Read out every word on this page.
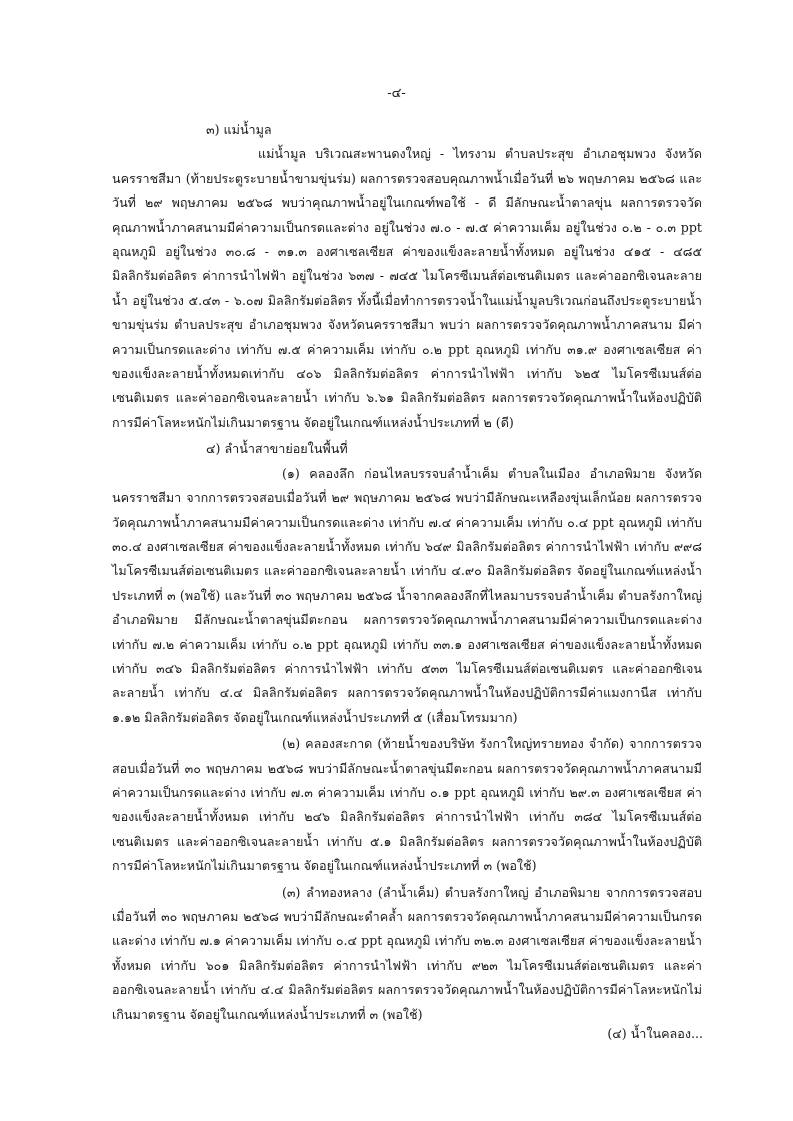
-๔-

๓) แม่น้ำมูล

แม่น้ำมูล บริเวณสะพานดงใหญ่ - ไทรงาม ตำบลประสุข อำเภอชุมพวง จังหวัดนครราชสีมา (ท้ายประตูระบายน้ำขามขุ่นร่ม) ผลการตรวจสอบคุณภาพน้ำเมื่อวันที่ ๒๖ พฤษภาคม ๒๕๖๘ และวันที่ ๒๙ พฤษภาคม ๒๕๖๘ พบว่าคุณภาพน้ำอยู่ในเกณฑ์พอใช้ - ดี มีลักษณะน้ำตาลขุ่น ผลการตรวจวัดคุณภาพน้ำภาคสนามมีค่าความเป็นกรดและด่าง อยู่ในช่วง ๗.๐ - ๗.๕ ค่าความเค็ม อยู่ในช่วง ๐.๒ - ๐.๓ ppt อุณหภูมิ อยู่ในช่วง ๓๐.๘ - ๓๑.๓ องศาเซลเซียส ค่าของแข็งละลายน้ำทั้งหมด อยู่ในช่วง ๔๑๕ - ๔๘๕ มิลลิกรัมต่อลิตร ค่าการนำไฟฟ้า อยู่ในช่วง ๖๓๗ - ๗๔๕ ไมโครซีเมนส์ต่อเซนติเมตร และค่าออกซิเจนละลายน้ำ อยู่ในช่วง ๕.๔๓ - ๖.๐๗ มิลลิกรัมต่อลิตร ทั้งนี้เมื่อทำการตรวจน้ำในแม่น้ำมูลบริเวณก่อนถึงประตูระบายน้ำขามขุ่นร่ม ตำบลประสุข อำเภอชุมพวง จังหวัดนครราชสีมา พบว่า ผลการตรวจวัดคุณภาพน้ำภาคสนาม มีค่าความเป็นกรดและด่าง เท่ากับ ๗.๕ ค่าความเค็ม เท่ากับ ๐.๒ ppt อุณหภูมิ เท่ากับ ๓๑.๙ องศาเซลเซียส ค่าของแข็งละลายน้ำทั้งหมดเท่ากับ ๔๐๖ มิลลิกรัมต่อลิตร ค่าการนำไฟฟ้า เท่ากับ ๖๒๕ ไมโครซีเมนส์ต่อเซนติเมตร และค่าออกซิเจนละลายน้ำ เท่ากับ ๖.๖๑ มิลลิกรัมต่อลิตร ผลการตรวจวัดคุณภาพน้ำในห้องปฏิบัติการมีค่าโลหะหนักไม่เกินมาตรฐาน จัดอยู่ในเกณฑ์แหล่งน้ำประเภทที่ ๒ (ดี)

๔) ลำน้ำสาขาย่อยในพื้นที่

(๑) คลองลึก ก่อนไหลบรรจบลำน้ำเค็ม ตำบลในเมือง อำเภอพิมาย จังหวัดนครราชสีมา จากการตรวจสอบเมื่อวันที่ ๒๙ พฤษภาคม ๒๕๖๘ พบว่ามีลักษณะเหลืองขุ่นเล็กน้อย ผลการตรวจวัดคุณภาพน้ำภาคสนามมีค่าความเป็นกรดและด่าง เท่ากับ ๗.๔ ค่าความเค็ม เท่ากับ ๐.๔ ppt อุณหภูมิ เท่ากับ ๓๐.๔ องศาเซลเซียส ค่าของแข็งละลายน้ำทั้งหมด เท่ากับ ๖๔๙ มิลลิกรัมต่อลิตร ค่าการนำไฟฟ้า เท่ากับ ๙๙๘ ไมโครซีเมนส์ต่อเซนติเมตร และค่าออกซิเจนละลายน้ำ เท่ากับ ๔.๙๐ มิลลิกรัมต่อลิตร จัดอยู่ในเกณฑ์แหล่งน้ำประเภทที่ ๓ (พอใช้) และวันที่ ๓๐ พฤษภาคม ๒๕๖๘ น้ำจากคลองลึกที่ไหลมาบรรจบลำน้ำเค็ม ตำบลรังกาใหญ่ อำเภอพิมาย มีลักษณะน้ำตาลขุ่นมีตะกอน ผลการตรวจวัดคุณภาพน้ำภาคสนามมีค่าความเป็นกรดและด่าง เท่ากับ ๗.๒ ค่าความเค็ม เท่ากับ ๐.๒ ppt อุณหภูมิ เท่ากับ ๓๓.๑ องศาเซลเซียส ค่าของแข็งละลายน้ำทั้งหมด เท่ากับ ๓๔๖ มิลลิกรัมต่อลิตร ค่าการนำไฟฟ้า เท่ากับ ๕๓๓ ไมโครซีเมนส์ต่อเซนติเมตร และค่าออกซิเจนละลายน้ำ เท่ากับ ๔.๔ มิลลิกรัมต่อลิตร ผลการตรวจวัดคุณภาพน้ำในห้องปฏิบัติการมีค่าแมงกานีส เท่ากับ ๑.๑๒ มิลลิกรัมต่อลิตร จัดอยู่ในเกณฑ์แหล่งน้ำประเภทที่ ๕ (เสื่อมโทรมมาก)

(๒) คลองสะกาด (ท้ายน้ำของบริษัท รังกาใหญ่ทรายทอง จำกัด) จากการตรวจสอบเมื่อวันที่ ๓๐ พฤษภาคม ๒๕๖๘ พบว่ามีลักษณะน้ำตาลขุ่นมีตะกอน ผลการตรวจวัดคุณภาพน้ำภาคสนามมีค่าความเป็นกรดและด่าง เท่ากับ ๗.๓ ค่าความเค็ม เท่ากับ ๐.๑ ppt อุณหภูมิ เท่ากับ ๒๙.๓ องศาเซลเซียส ค่าของแข็งละลายน้ำทั้งหมด เท่ากับ ๒๔๖ มิลลิกรัมต่อลิตร ค่าการนำไฟฟ้า เท่ากับ ๓๘๔ ไมโครซีเมนส์ต่อเซนติเมตร และค่าออกซิเจนละลายน้ำ เท่ากับ ๕.๑ มิลลิกรัมต่อลิตร ผลการตรวจวัดคุณภาพน้ำในห้องปฏิบัติการมีค่าโลหะหนักไม่เกินมาตรฐาน จัดอยู่ในเกณฑ์แหล่งน้ำประเภทที่ ๓ (พอใช้)

(๓) ลำทองหลาง (ลำน้ำเค็ม) ตำบลรังกาใหญ่ อำเภอพิมาย จากการตรวจสอบเมื่อวันที่ ๓๐ พฤษภาคม ๒๕๖๘ พบว่ามีลักษณะดำคล้ำ ผลการตรวจวัดคุณภาพน้ำภาคสนามมีค่าความเป็นกรดและด่าง เท่ากับ ๗.๑ ค่าความเค็ม เท่ากับ ๐.๔ ppt อุณหภูมิ เท่ากับ ๓๒.๓ องศาเซลเซียส ค่าของแข็งละลายน้ำทั้งหมด เท่ากับ ๖๐๑ มิลลิกรัมต่อลิตร ค่าการนำไฟฟ้า เท่ากับ ๙๒๓ ไมโครซีเมนส์ต่อเซนติเมตร และค่าออกซิเจนละลายน้ำ เท่ากับ ๔.๔ มิลลิกรัมต่อลิตร ผลการตรวจวัดคุณภาพน้ำในห้องปฏิบัติการมีค่าโลหะหนักไม่เกินมาตรฐาน จัดอยู่ในเกณฑ์แหล่งน้ำประเภทที่ ๓ (พอใช้)

(๔) น้ำในคลอง...
